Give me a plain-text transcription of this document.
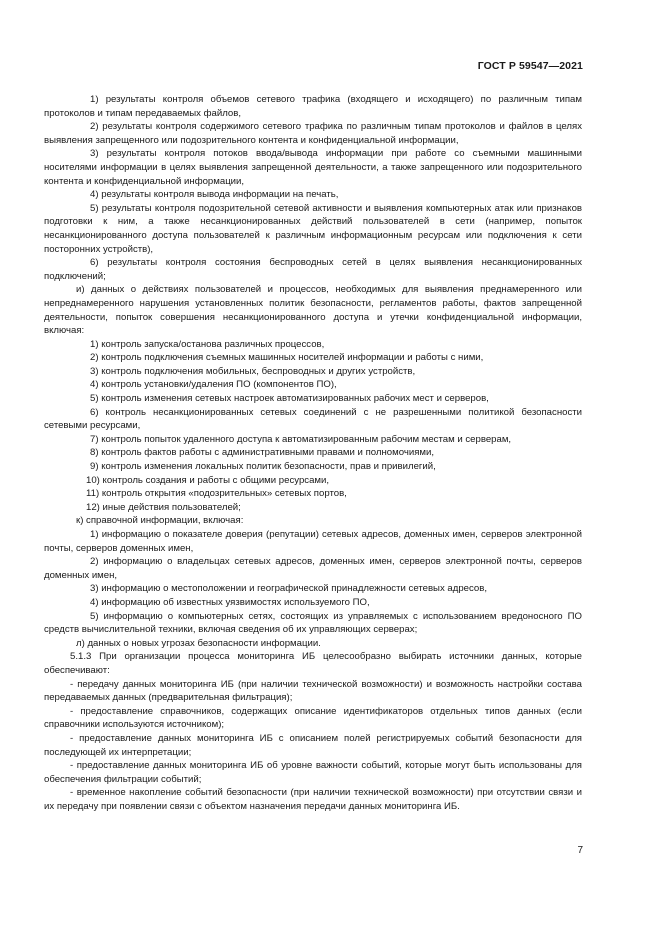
ГОСТ Р 59547—2021

1) результаты контроля объемов сетевого трафика (входящего и исходящего) по различным типам протоколов и типам передаваемых файлов,

2) результаты контроля содержимого сетевого трафика по различным типам протоколов и файлов в целях выявления запрещенного или подозрительного контента и конфиденциальной информации,

3) результаты контроля потоков ввода/вывода информации при работе со съемными машинными носителями информации в целях выявления запрещенной деятельности, а также запрещенного или подозрительного контента и конфиденциальной информации,

4) результаты контроля вывода информации на печать,

5) результаты контроля подозрительной сетевой активности и выявления компьютерных атак или признаков подготовки к ним, а также несанкционированных действий пользователей в сети (например, попыток несанкционированного доступа пользователей к различным информационным ресурсам или подключения к сети посторонних устройств),

6) результаты контроля состояния беспроводных сетей в целях выявления несанкционированных подключений;

и) данных о действиях пользователей и процессов, необходимых для выявления преднамеренного или непреднамеренного нарушения установленных политик безопасности, регламентов работы, фактов запрещенной деятельности, попыток совершения несанкционированного доступа и утечки конфиденциальной информации, включая:

1) контроль запуска/останова различных процессов,

2) контроль подключения съемных машинных носителей информации и работы с ними,

3) контроль подключения мобильных, беспроводных и других устройств,

4) контроль установки/удаления ПО (компонентов ПО),

5) контроль изменения сетевых настроек автоматизированных рабочих мест и серверов,

6) контроль несанкционированных сетевых соединений с не разрешенными политикой безопасности сетевыми ресурсами,

7) контроль попыток удаленного доступа к автоматизированным рабочим местам и серверам,

8) контроль фактов работы с административными правами и полномочиями,

9) контроль изменения локальных политик безопасности, прав и привилегий,

10) контроль создания и работы с общими ресурсами,

11) контроль открытия «подозрительных» сетевых портов,

12) иные действия пользователей;

к) справочной информации, включая:

1) информацию о показателе доверия (репутации) сетевых адресов, доменных имен, серверов электронной почты, серверов доменных имен,

2) информацию о владельцах сетевых адресов, доменных имен, серверов электронной почты, серверов доменных имен,

3) информацию о местоположении и географической принадлежности сетевых адресов,

4) информацию об известных уязвимостях используемого ПО,

5) информацию о компьютерных сетях, состоящих из управляемых с использованием вредоносного ПО средств вычислительной техники, включая сведения об их управляющих серверах;

л) данных о новых угрозах безопасности информации.

5.1.3 При организации процесса мониторинга ИБ целесообразно выбирать источники данных, которые обеспечивают:

- передачу данных мониторинга ИБ (при наличии технической возможности) и возможность настройки состава передаваемых данных (предварительная фильтрация);

- предоставление справочников, содержащих описание идентификаторов отдельных типов данных (если справочники используются источником);

- предоставление данных мониторинга ИБ с описанием полей регистрируемых событий безопасности для последующей их интерпретации;

- предоставление данных мониторинга ИБ об уровне важности событий, которые могут быть использованы для обеспечения фильтрации событий;

- временное накопление событий безопасности (при наличии технической возможности) при отсутствии связи и их передачу при появлении связи с объектом назначения передачи данных мониторинга ИБ.

7
